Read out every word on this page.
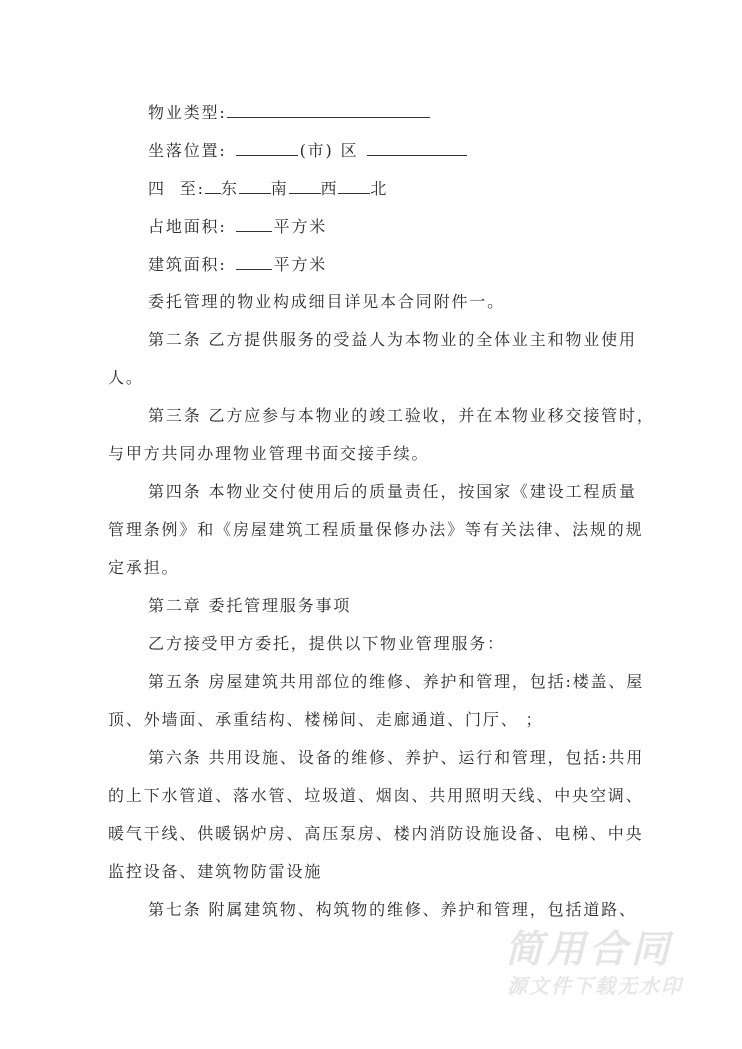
物业类型:
坐落位置:	(市) 区
四  至: 东 南 西 北
占地面积:	平方米
建筑面积:	平方米
委托管理的物业构成细目详见本合同附件一。
第二条 乙方提供服务的受益人为本物业的全体业主和物业使用
人。
第三条 乙方应参与本物业的竣工验收，并在本物业移交接管时，
与甲方共同办理物业管理书面交接手续。
第四条 本物业交付使用后的质量责任，按国家《建设工程质量
管理条例》和《房屋建筑工程质量保修办法》等有关法律、法规的规
定承担。
第二章 委托管理服务事项
乙方接受甲方委托，提供以下物业管理服务：
第五条 房屋建筑共用部位的维修、养护和管理，包括:楼盖、屋
顶、外墙面、承重结构、楼梯间、走廊通道、门厅、 ；
第六条 共用设施、设备的维修、养护、运行和管理，包括:共用
的上下水管道、落水管、垃圾道、烟囱、共用照明天线、中央空调、
暖气干线、供暖锅炉房、高压泵房、楼内消防设施设备、电梯、中央
监控设备、建筑物防雷设施
第七条 附属建筑物、构筑物的维修、养护和管理，包括道路、
简用合同
源文件下载无水印
